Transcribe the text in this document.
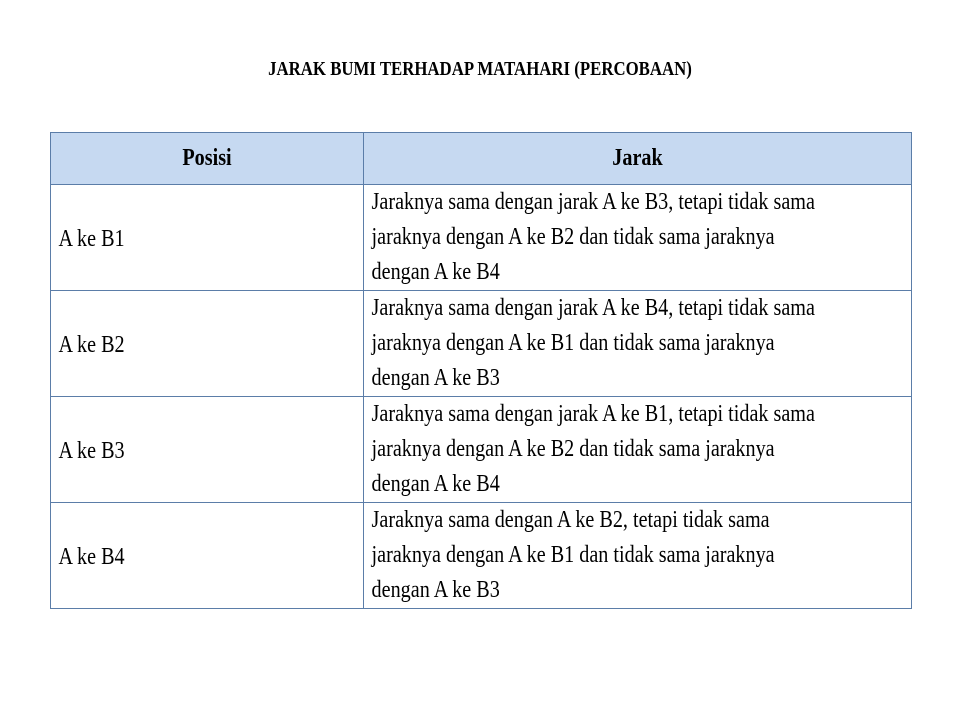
JARAK BUMI TERHADAP MATAHARI (PERCOBAAN)
Posisi	Jarak

A ke B1	Jaraknya sama dengan jarak A ke B3, tetapi tidak sama
jaraknya dengan A ke B2 dan tidak sama jaraknya
dengan A ke B4

A ke B2	Jaraknya sama dengan jarak A ke B4, tetapi tidak sama
jaraknya dengan A ke B1 dan tidak sama jaraknya
dengan A ke B3

A ke B3	Jaraknya sama dengan jarak A ke B1, tetapi tidak sama
jaraknya dengan A ke B2 dan tidak sama jaraknya
dengan A ke B4

A ke B4	Jaraknya sama dengan A ke B2, tetapi tidak sama
jaraknya dengan A ke B1 dan tidak sama jaraknya
dengan A ke B3
